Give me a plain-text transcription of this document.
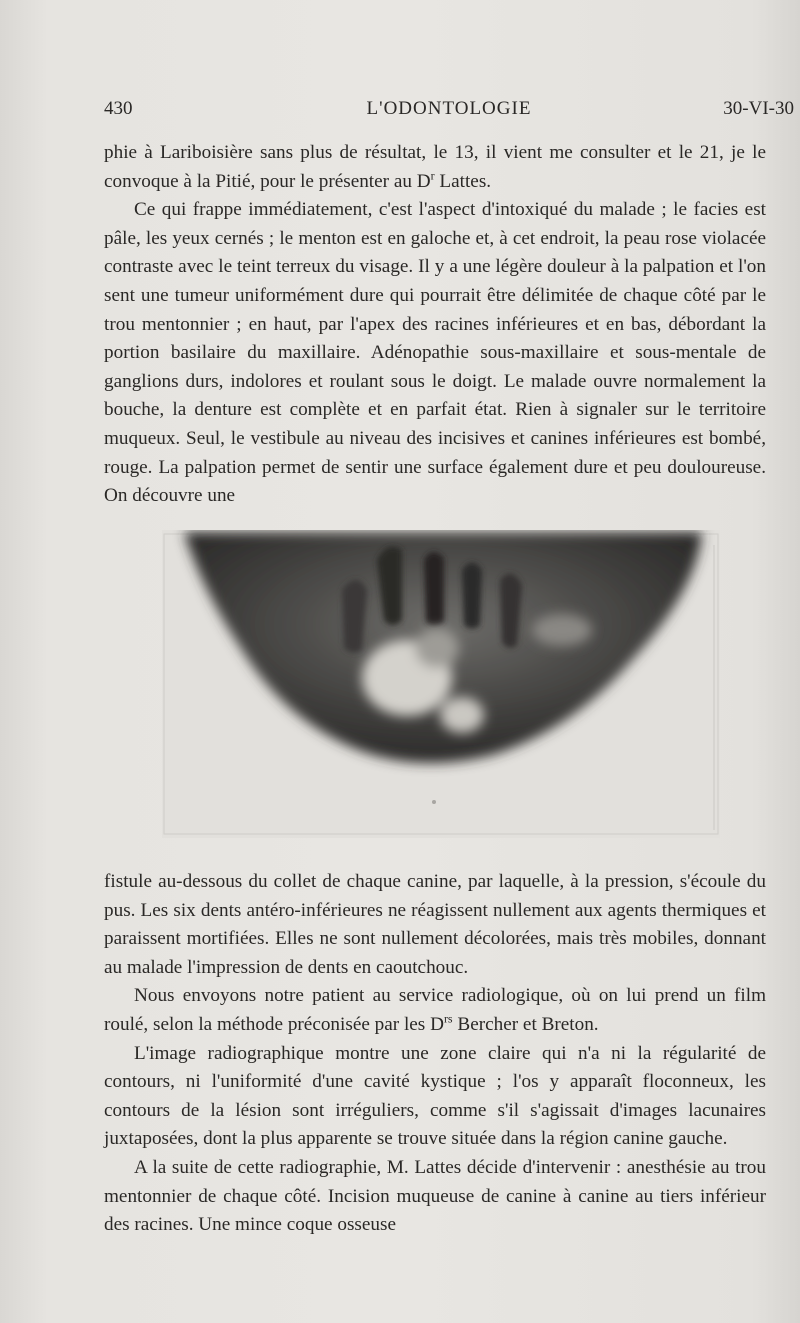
430	L'ODONTOLOGIE	30-VI-30

phie à Lariboisière sans plus de résultat, le 13, il vient me consulter et le 21, je le convoque à la Pitié, pour le présenter au $D^r$ Lattes.

Ce qui frappe immédiatement, c'est l'aspect d'intoxiqué du malade ; le facies est pâle, les yeux cernés ; le menton est en galoche et, à cet endroit, la peau rose violacée contraste avec le teint terreux du visage. Il y a une légère douleur à la palpation et l'on sent une tumeur uniformément dure qui pourrait être délimitée de chaque côté par le trou mentonnier ; en haut, par l'apex des racines inférieures et en bas, débordant la portion basilaire du maxillaire. Adénopathie sous-maxillaire et sous-mentale de ganglions durs, indolores et roulant sous le doigt. Le malade ouvre normalement la bouche, la denture est complète et en parfait état. Rien à signaler sur le territoire muqueux. Seul, le vestibule au niveau des incisives et canines inférieures est bombé, rouge. La palpation permet de sentir une surface également dure et peu douloureuse. On découvre une

fistule au-dessous du collet de chaque canine, par laquelle, à la pression, s'écoule du pus. Les six dents antéro-inférieures ne réagissent nullement aux agents thermiques et paraissent mortifiées. Elles ne sont nullement décolorées, mais très mobiles, donnant au malade l'impression de dents en caoutchouc.

Nous envoyons notre patient au service radiologique, où on lui prend un film roulé, selon la méthode préconisée par les $D^{rs}$ Bercher et Breton.

L'image radiographique montre une zone claire qui n'a ni la régularité de contours, ni l'uniformité d'une cavité kystique ; l'os y apparaît floconneux, les contours de la lésion sont irréguliers, comme s'il s'agissait d'images lacunaires juxtaposées, dont la plus apparente se trouve située dans la région canine gauche.

A la suite de cette radiographie, M. Lattes décide d'intervenir : anesthésie au trou mentonnier de chaque côté. Incision muqueuse de canine à canine au tiers inférieur des racines. Une mince coque osseuse
